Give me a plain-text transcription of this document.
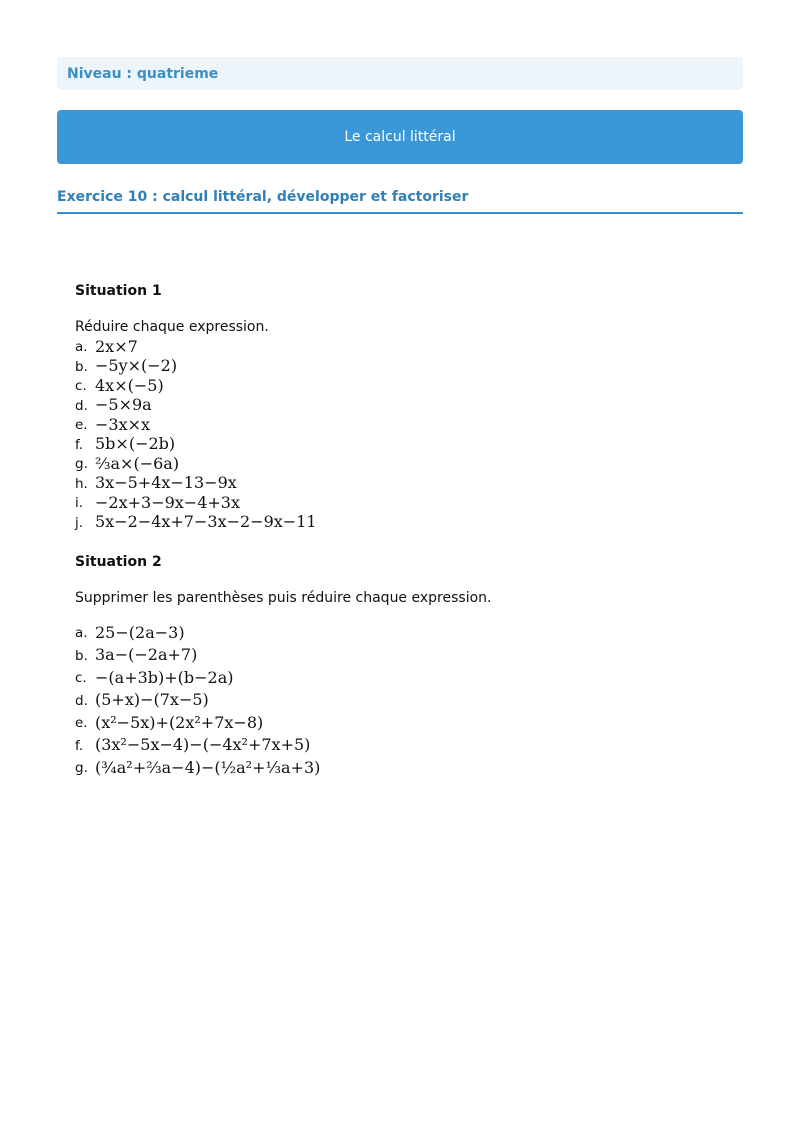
Niveau : quatrieme
Le calcul littéral
Exercice 10 : calcul littéral, développer et factoriser

Situation 1

Réduire chaque expression.

a. 2x×7
b. −5y×(−2)
c. 4x×(−5)
d. −5×9a
e. −3x×x
f. 5b×(−2b)
g. ⅔a×(−6a)
h. 3x−5+4x−13−9x
i. −2x+3−9x−4+3x
j. 5x−2−4x+7−3x−2−9x−11

Situation 2

Supprimer les parenthèses puis réduire chaque expression.

a. 25−(2a−3)
b. 3a−(−2a+7)
c. −(a+3b)+(b−2a)
d. (5+x)−(7x−5)
e. (x²−5x)+(2x²+7x−8)
f. (3x²−5x−4)−(−4x²+7x+5)
g. (¾a²+⅔a−4)−(½a²+⅓a+3)
